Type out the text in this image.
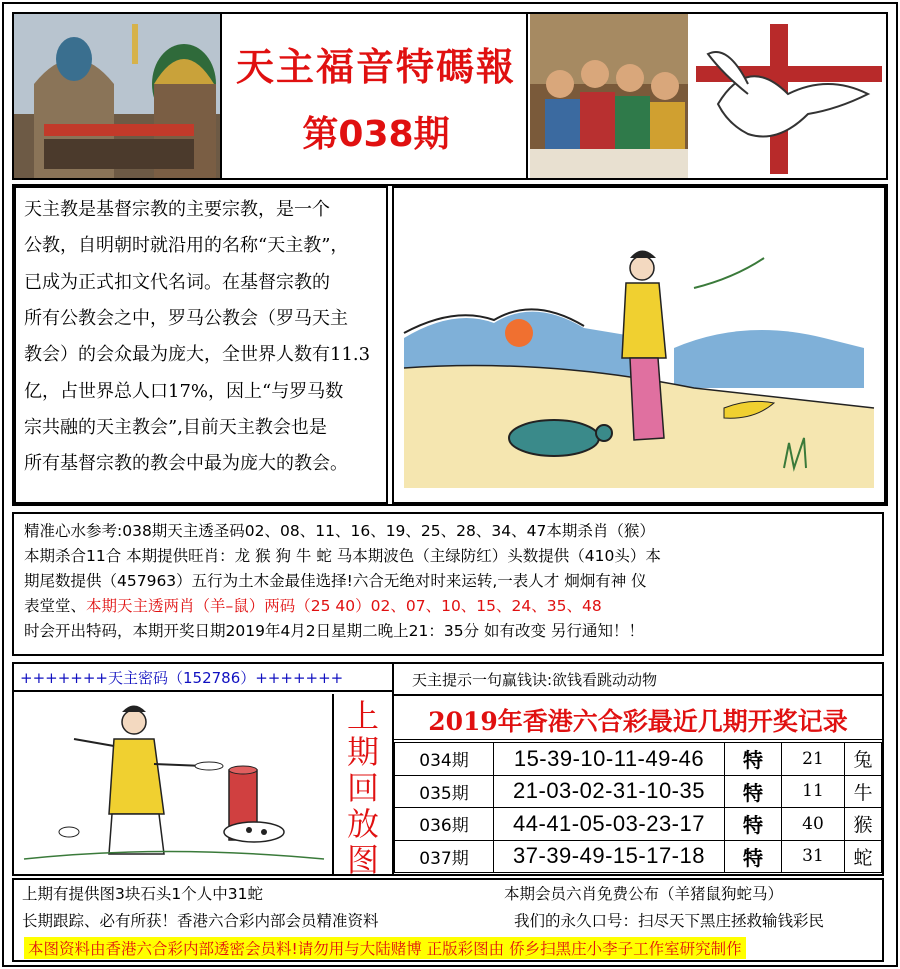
天主福音特碼報
第038期
天主教是基督宗教的主要宗教，是一个
公教，自明朝时就沿用的名称“天主教”，
已成为正式扣文代名词。在基督宗教的
所有公教会之中，罗马公教会（罗马天主
教会）的会众最为庞大，全世界人数有11.3
亿，占世界总人口17%，因上“与罗马数
宗共融的天主教会”,目前天主教会也是
所有基督宗教的教会中最为庞大的教会。
精准心水参考:038期天主透圣码02、08、11、16、19、25、28、34、47本期杀肖（猴）
本期杀合11合 本期提供旺肖：龙 猴 狗 牛 蛇 马本期波色（主绿防红）头数提供（410头）本
期尾数提供（457963）五行为土木金最佳选择!六合无绝对时来运转,一表人才 炯炯有神 仪
表堂堂、本期天主透两肖（羊–鼠）两码（25 40）02、07、10、15、24、35、48
时会开出特码，本期开奖日期2019年4月2日星期二晚上21：35分 如有改变 另行通知！！
+++++++天主密码（152786）+++++++	天主提示一句赢钱诀:欲钱看跳动动物
上
期
回
放
图
2019年香港六合彩最近几期开奖记录
034期	15-39-10-11-49-46	特	21	兔
035期	21-03-02-31-10-35	特	11	牛
036期	44-41-05-03-23-17	特	40	猴
037期	37-39-49-15-17-18	特	31	蛇
上期有提供图3块石头1个人中31蛇	本期会员六肖免费公布（羊猪鼠狗蛇马）
长期跟踪、必有所获！香港六合彩内部会员精准资料	我们的永久口号：扫尽天下黑庄拯救输钱彩民
本图资料由香港六合彩内部透密会员料!请勿用与大陆赌博 正版彩图由 侨乡扫黑庄小李子工作室研究制作
